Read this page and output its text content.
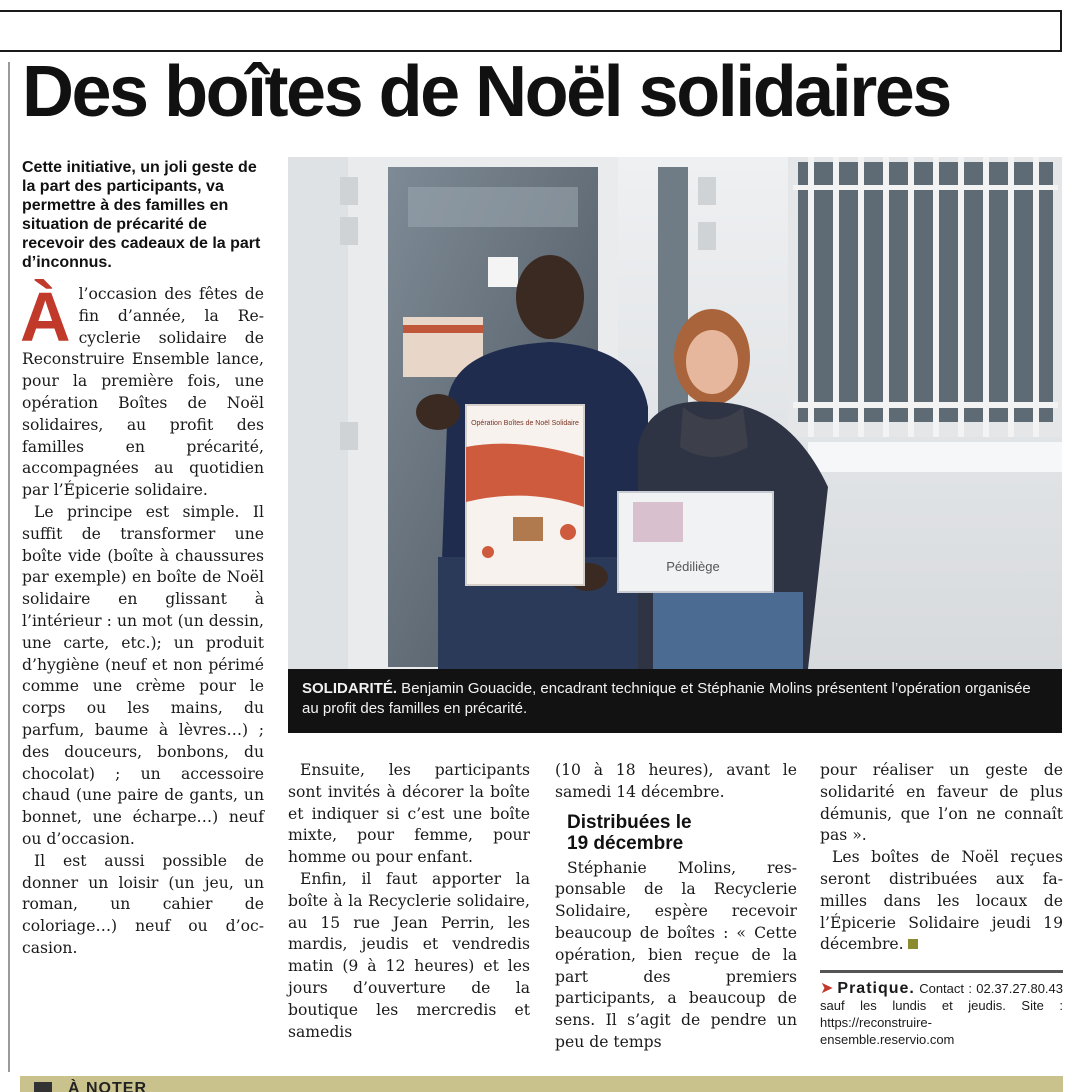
Des boîtes de Noël solidaires

Cette initiative, un joli geste de la part des participants, va permettre à des familles en situation de précarité de recevoir des cadeaux de la part d’inconnus.

Àl’occasion des fêtes de fin d’année, la Recyclerie solidaire de Reconstruire Ensemble lance, pour la première fois, une opération Boîtes de Noël solidaires, au profit des familles en précarité, accompagnées au quotidien par l’Épicerie solidaire.

Le principe est simple. Il suffit de transformer une boîte vide (boîte à chaussures par exemple) en boîte de Noël solidaire en glissant à l’intérieur : un mot (un dessin, une carte, etc.); un produit d’hygiène (neuf et non périmé comme une crème pour le corps ou les mains, du parfum, baume à lèvres…) ; des douceurs, bonbons, du chocolat) ; un accessoire chaud (une paire de gants, un bonnet, une écharpe…) neuf ou d’occasion.

Il est aussi possible de donner un loisir (un jeu, un roman, un cahier de coloriage…) neuf ou d’occasion.

Opération Boîtes de Noël Solidaire
Pédiliège
SOLIDARITÉ. Benjamin Gouacide, encadrant technique et Stéphanie Molins présentent l’opération organisée au profit des familles en précarité.

Ensuite, les participants sont invités à décorer la boîte et indiquer si c’est une boîte mixte, pour femme, pour homme ou pour enfant.

Enfin, il faut apporter la boîte à la Recyclerie solidaire, au 15 rue Jean Perrin, les mardis, jeudis et vendredis matin (9 à 12 heures) et les jours d’ouverture de la boutique les mercredis et samedis

(10 à 18 heures), avant le samedi 14 décembre.

Distribuées le
19 décembre

Stéphanie Molins, responsable de la Recyclerie Solidaire, espère recevoir beaucoup de boîtes : « Cette opération, bien reçue de la part des premiers participants, a beaucoup de sens. Il s’agit de pendre un peu de temps

pour réaliser un geste de solidarité en faveur de plus démunis, que l’on ne connaît pas ».

Les boîtes de Noël reçues seront distribuées aux familles dans les locaux de l’Épicerie Solidaire jeudi 19 décembre.

➤ Pratique. Contact : 02.37.27.80.43 sauf les lundis et jeudis. Site : https://reconstruire-ensemble.reservio.com
À NOTER
